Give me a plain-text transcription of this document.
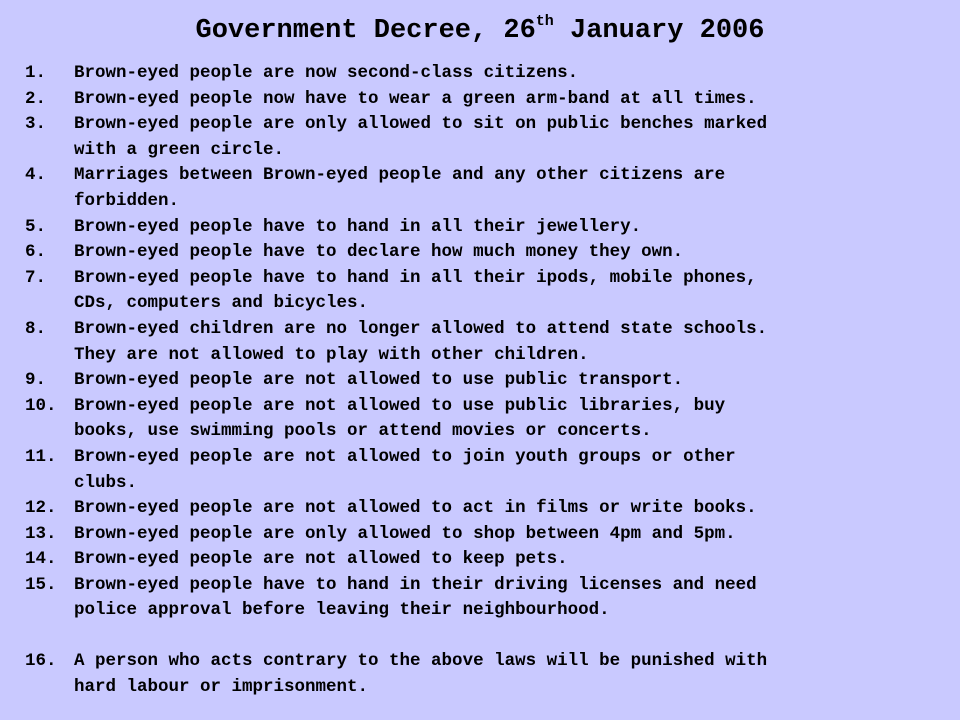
Government Decree, 26th January 2006
1. Brown-eyed people are now second-class citizens.
2. Brown-eyed people now have to wear a green arm-band at all times.
3. Brown-eyed people are only allowed to sit on public benches marked
with a green circle.
4. Marriages between Brown-eyed people and any other citizens are
forbidden.
5. Brown-eyed people have to hand in all their jewellery.
6. Brown-eyed people have to declare how much money they own.
7. Brown-eyed people have to hand in all their ipods, mobile phones,
CDs, computers and bicycles.
8. Brown-eyed children are no longer allowed to attend state schools.
They are not allowed to play with other children.
9. Brown-eyed people are not allowed to use public transport.
10. Brown-eyed people are not allowed to use public libraries, buy
books, use swimming pools or attend movies or concerts.
11. Brown-eyed people are not allowed to join youth groups or other
clubs.
12. Brown-eyed people are not allowed to act in films or write books.
13. Brown-eyed people are only allowed to shop between 4pm and 5pm.
14. Brown-eyed people are not allowed to keep pets.
15. Brown-eyed people have to hand in their driving licenses and need
police approval before leaving their neighbourhood.
16. A person who acts contrary to the above laws will be punished with
hard labour or imprisonment.
